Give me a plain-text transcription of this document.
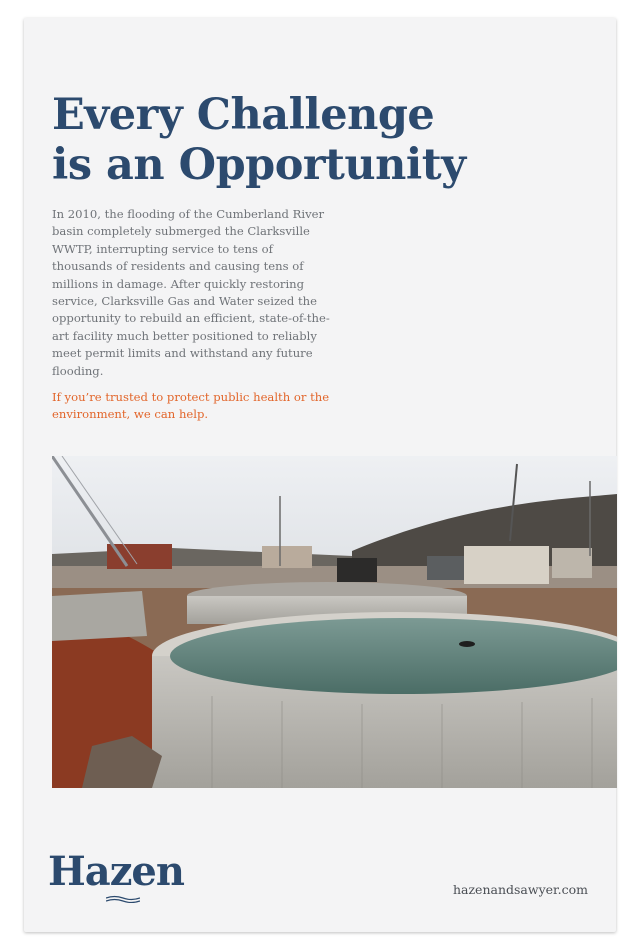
Every Challenge
is an Opportunity

In 2010, the flooding of the Cumberland River basin completely submerged the Clarksville WWTP, interrupting service to tens of thousands of residents and causing tens of millions in damage. After quickly restoring service, Clarksville Gas and Water seized the opportunity to rebuild an efficient, state-of-the-art facility much better positioned to reliably meet permit limits and withstand any future flooding.

If you’re trusted to protect public health or the environment, we can help.

Hazen	hazenandsawyer.com
